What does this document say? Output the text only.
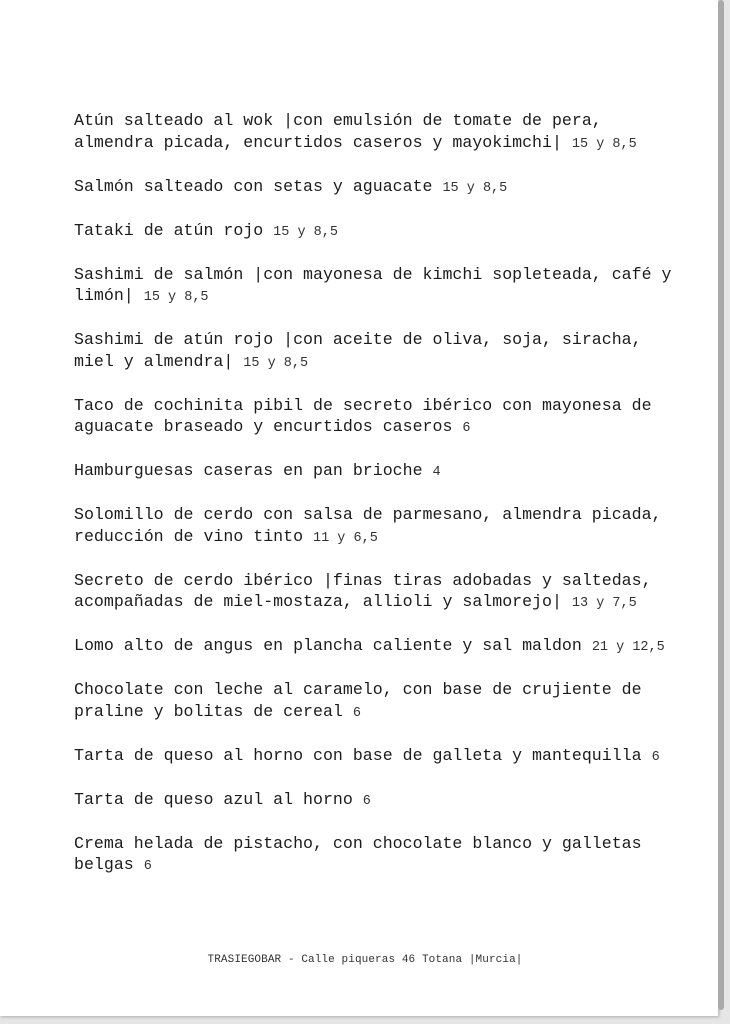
Atún salteado al wok |con emulsión de tomate de pera, almendra picada, encurtidos caseros y mayokimchi| 15 y 8,5

Salmón salteado con setas y aguacate 15 y 8,5

Tataki de atún rojo 15 y 8,5

Sashimi de salmón |con mayonesa de kimchi sopleteada, café y limón| 15 y 8,5

Sashimi de atún rojo |con aceite de oliva, soja, siracha, miel y almendra| 15 y 8,5

Taco de cochinita pibil de secreto ibérico con mayonesa de aguacate braseado y encurtidos caseros 6

Hamburguesas caseras en pan brioche 4

Solomillo de cerdo con salsa de parmesano, almendra picada, reducción de vino tinto 11 y 6,5

Secreto de cerdo ibérico |finas tiras adobadas y saltedas, acompañadas de miel-mostaza, allioli y salmorejo| 13 y 7,5

Lomo alto de angus en plancha caliente y sal maldon 21 y 12,5

Chocolate con leche al caramelo, con base de crujiente de praline y bolitas de cereal 6

Tarta de queso al horno con base de galleta y mantequilla 6

Tarta de queso azul al horno 6

Crema helada de pistacho, con chocolate blanco y galletas belgas 6

TRASIEGOBAR - Calle piqueras 46 Totana |Murcia|
